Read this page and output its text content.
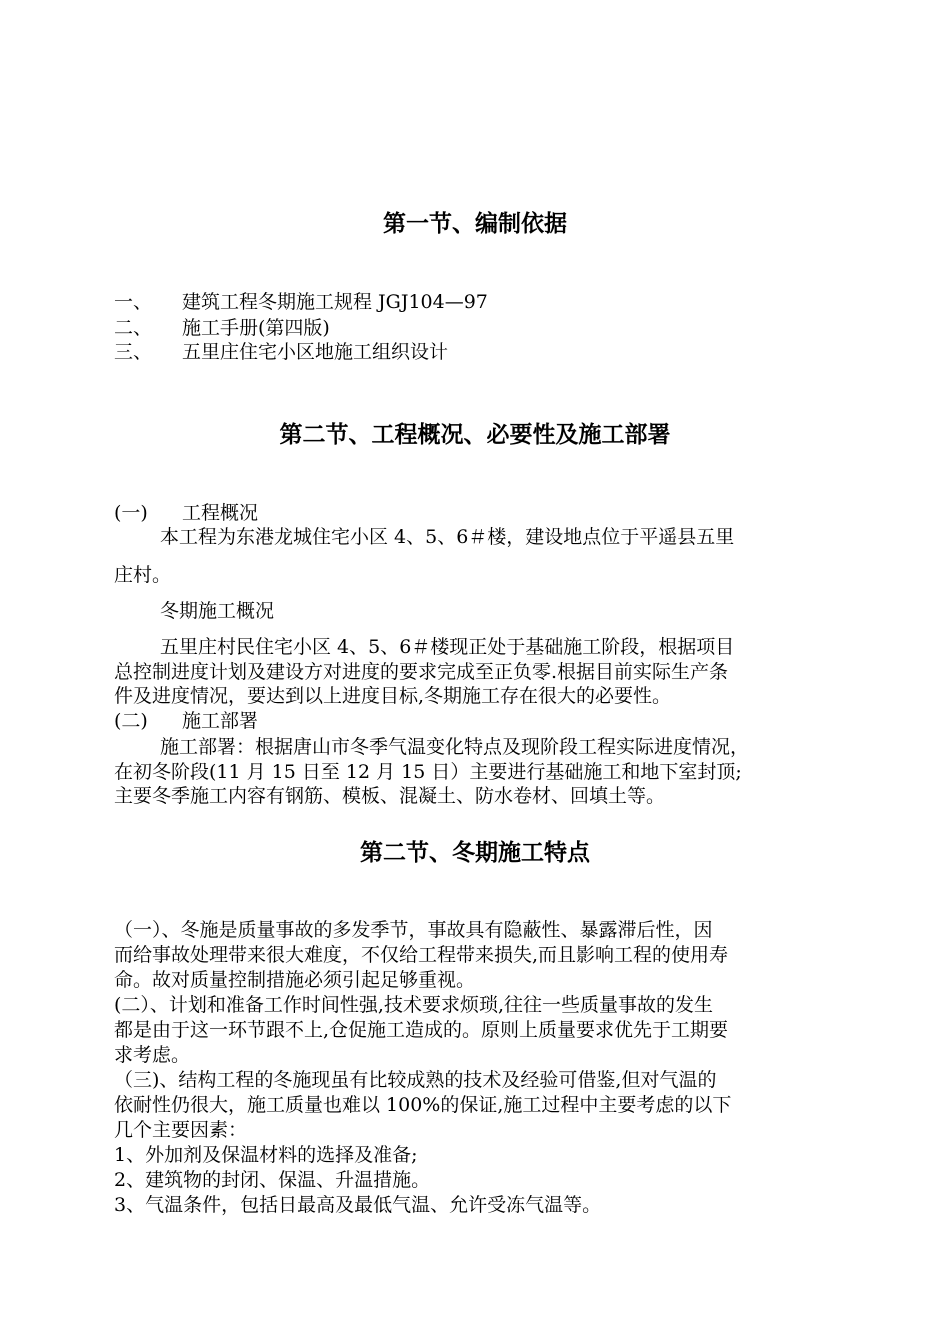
第一节、编制依据
一、 建筑工程冬期施工规程 JGJ104—97
二、 施工手册(第四版)
三、 五里庄住宅小区地施工组织设计
第二节、工程概况、必要性及施工部署
(一) 工程概况
本工程为东港龙城住宅小区 4、5、6＃楼，建设地点位于平遥县五里
庄村。
冬期施工概况
五里庄村民住宅小区 4、5、6＃楼现正处于基础施工阶段，根据项目
总控制进度计划及建设方对进度的要求完成至正负零.根据目前实际生产条
件及进度情况，要达到以上进度目标,冬期施工存在很大的必要性。
(二) 施工部署
施工部署：根据唐山市冬季气温变化特点及现阶段工程实际进度情况，
在初冬阶段(11 月 15 日至 12 月 15 日）主要进行基础施工和地下室封顶;
主要冬季施工内容有钢筋、模板、混凝土、防水卷材、回填土等。
第二节、冬期施工特点
（一）、冬施是质量事故的多发季节，事故具有隐蔽性、暴露滞后性，因
而给事故处理带来很大难度，不仅给工程带来损失,而且影响工程的使用寿
命。故对质量控制措施必须引起足够重视。
(二）、计划和准备工作时间性强,技术要求烦琐,往往一些质量事故的发生
都是由于这一环节跟不上,仓促施工造成的。原则上质量要求优先于工期要
求考虑。
（三)、结构工程的冬施现虽有比较成熟的技术及经验可借鉴,但对气温的
依耐性仍很大，施工质量也难以 100%的保证,施工过程中主要考虑的以下
几个主要因素：
1、外加剂及保温材料的选择及准备;
2、建筑物的封闭、保温、升温措施。
3、气温条件，包括日最高及最低气温、允许受冻气温等。
